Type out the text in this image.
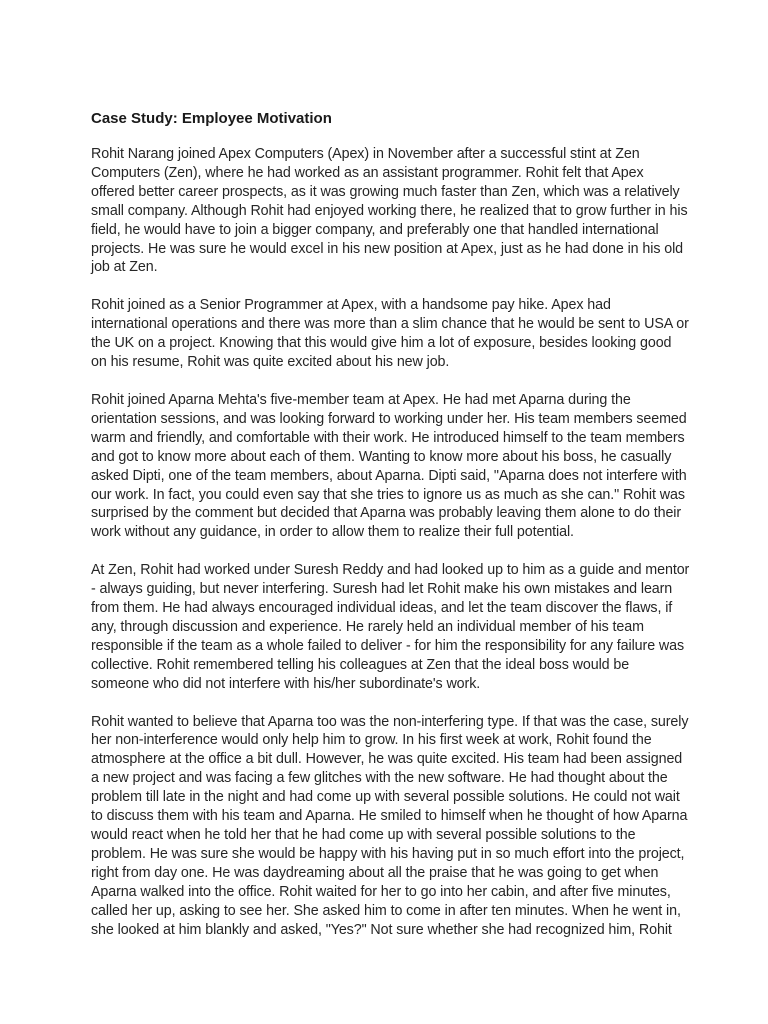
Case Study: Employee Motivation

Rohit Narang joined Apex Computers (Apex) in November after a successful stint at Zen
Computers (Zen), where he had worked as an assistant programmer. Rohit felt that Apex
offered better career prospects, as it was growing much faster than Zen, which was a relatively
small company. Although Rohit had enjoyed working there, he realized that to grow further in his
field, he would have to join a bigger company, and preferably one that handled international
projects. He was sure he would excel in his new position at Apex, just as he had done in his old
job at Zen.

Rohit joined as a Senior Programmer at Apex, with a handsome pay hike. Apex had
international operations and there was more than a slim chance that he would be sent to USA or
the UK on a project. Knowing that this would give him a lot of exposure, besides looking good
on his resume, Rohit was quite excited about his new job.

Rohit joined Aparna Mehta's five-member team at Apex. He had met Aparna during the
orientation sessions, and was looking forward to working under her. His team members seemed
warm and friendly, and comfortable with their work. He introduced himself to the team members
and got to know more about each of them. Wanting to know more about his boss, he casually
asked Dipti, one of the team members, about Aparna. Dipti said, "Aparna does not interfere with
our work. In fact, you could even say that she tries to ignore us as much as she can." Rohit was
surprised by the comment but decided that Aparna was probably leaving them alone to do their
work without any guidance, in order to allow them to realize their full potential.

At Zen, Rohit had worked under Suresh Reddy and had looked up to him as a guide and mentor
- always guiding, but never interfering. Suresh had let Rohit make his own mistakes and learn
from them. He had always encouraged individual ideas, and let the team discover the flaws, if
any, through discussion and experience. He rarely held an individual member of his team
responsible if the team as a whole failed to deliver - for him the responsibility for any failure was
collective. Rohit remembered telling his colleagues at Zen that the ideal boss would be
someone who did not interfere with his/her subordinate's work.

Rohit wanted to believe that Aparna too was the non-interfering type. If that was the case, surely
her non-interference would only help him to grow. In his first week at work, Rohit found the
atmosphere at the office a bit dull. However, he was quite excited. His team had been assigned
a new project and was facing a few glitches with the new software. He had thought about the
problem till late in the night and had come up with several possible solutions. He could not wait
to discuss them with his team and Aparna. He smiled to himself when he thought of how Aparna
would react when he told her that he had come up with several possible solutions to the
problem. He was sure she would be happy with his having put in so much effort into the project,
right from day one. He was daydreaming about all the praise that he was going to get when
Aparna walked into the office. Rohit waited for her to go into her cabin, and after five minutes,
called her up, asking to see her. She asked him to come in after ten minutes. When he went in,
she looked at him blankly and asked, "Yes?" Not sure whether she had recognized him, Rohit
